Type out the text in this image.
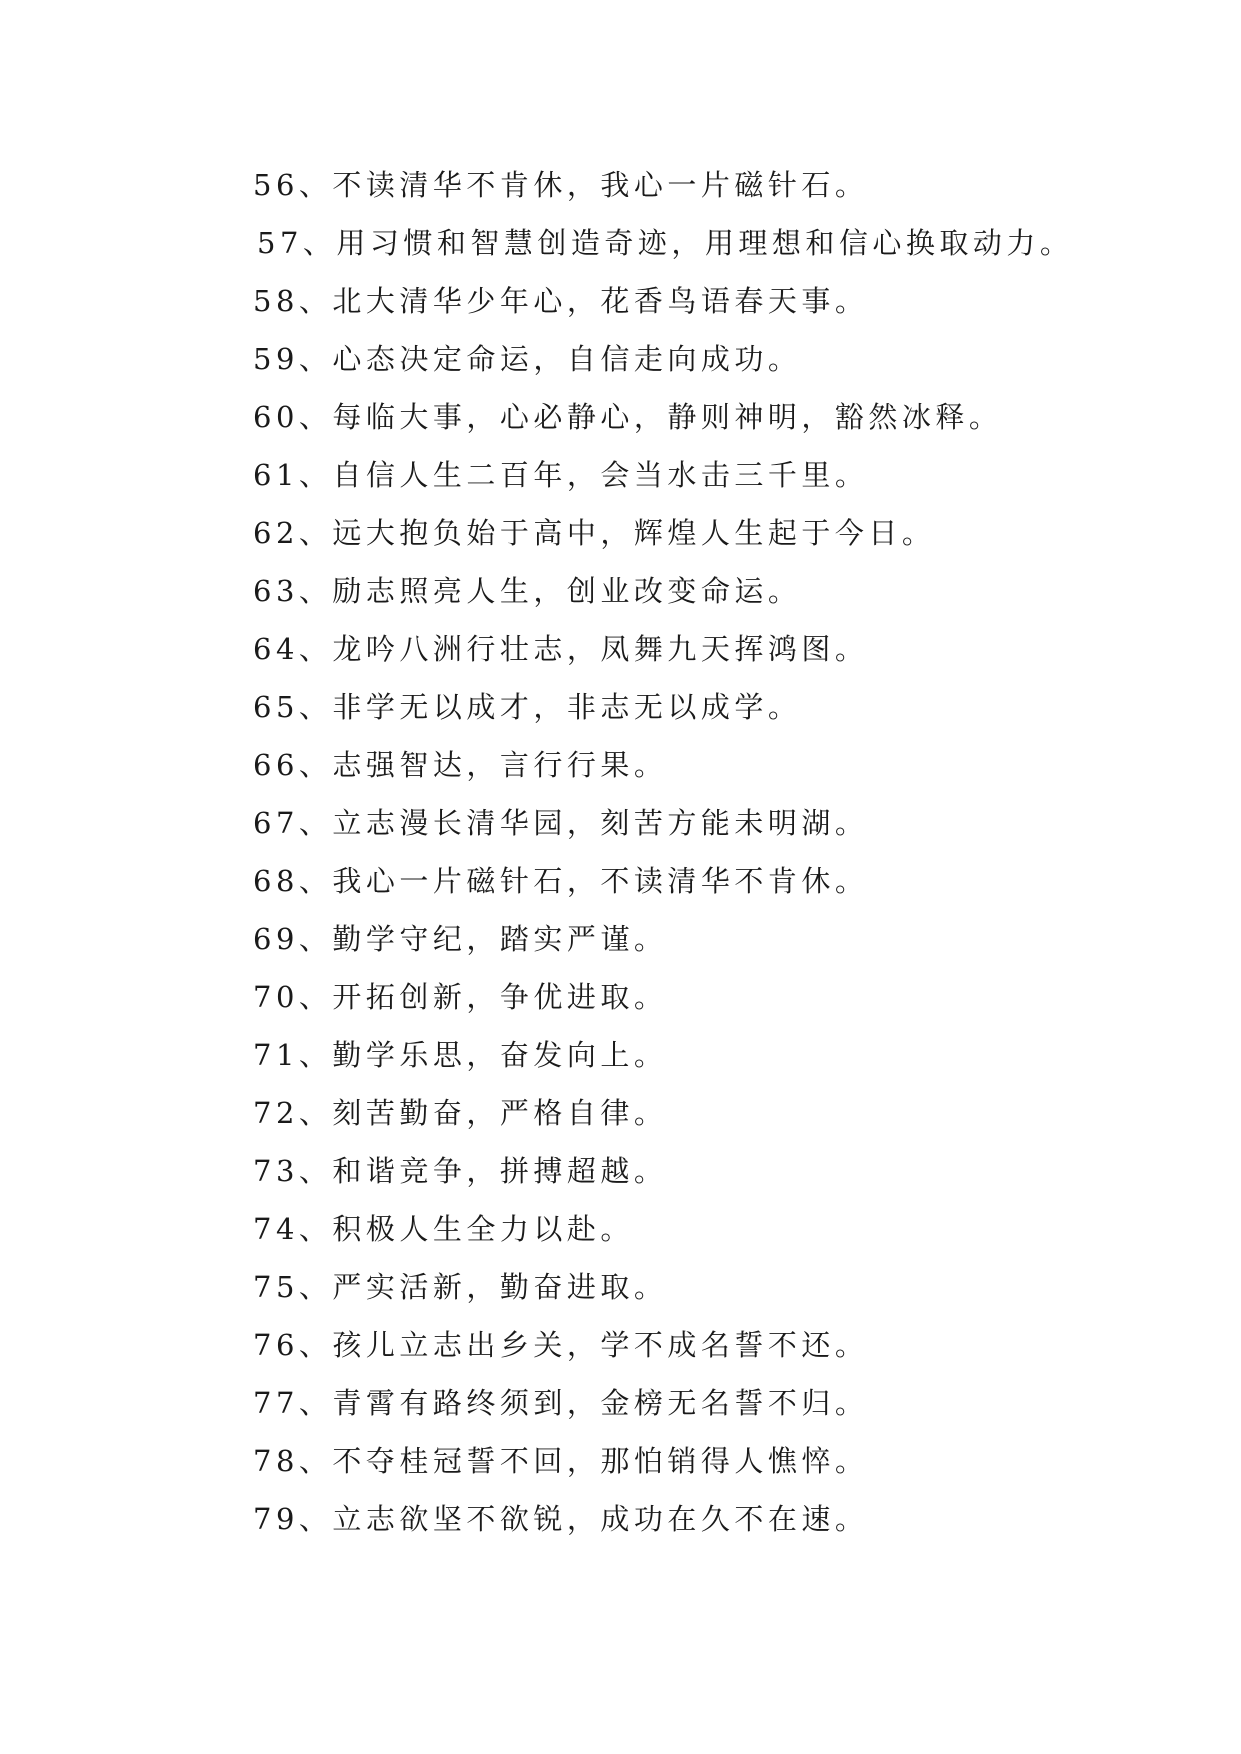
56、不读清华不肯休，我心一片磁针石。
57、用习惯和智慧创造奇迹，用理想和信心换取动力。
58、北大清华少年心，花香鸟语春天事。
59、心态决定命运，自信走向成功。
60、每临大事，心必静心，静则神明，豁然冰释。
61、自信人生二百年，会当水击三千里。
62、远大抱负始于高中，辉煌人生起于今日。
63、励志照亮人生，创业改变命运。
64、龙吟八洲行壮志，凤舞九天挥鸿图。
65、非学无以成才，非志无以成学。
66、志强智达，言行行果。
67、立志漫长清华园，刻苦方能未明湖。
68、我心一片磁针石，不读清华不肯休。
69、勤学守纪，踏实严谨。
70、开拓创新，争优进取。
71、勤学乐思，奋发向上。
72、刻苦勤奋，严格自律。
73、和谐竞争，拼搏超越。
74、积极人生全力以赴。
75、严实活新，勤奋进取。
76、孩儿立志出乡关，学不成名誓不还。
77、青霄有路终须到，金榜无名誓不归。
78、不夺桂冠誓不回，那怕销得人憔悴。
79、立志欲坚不欲锐，成功在久不在速。
